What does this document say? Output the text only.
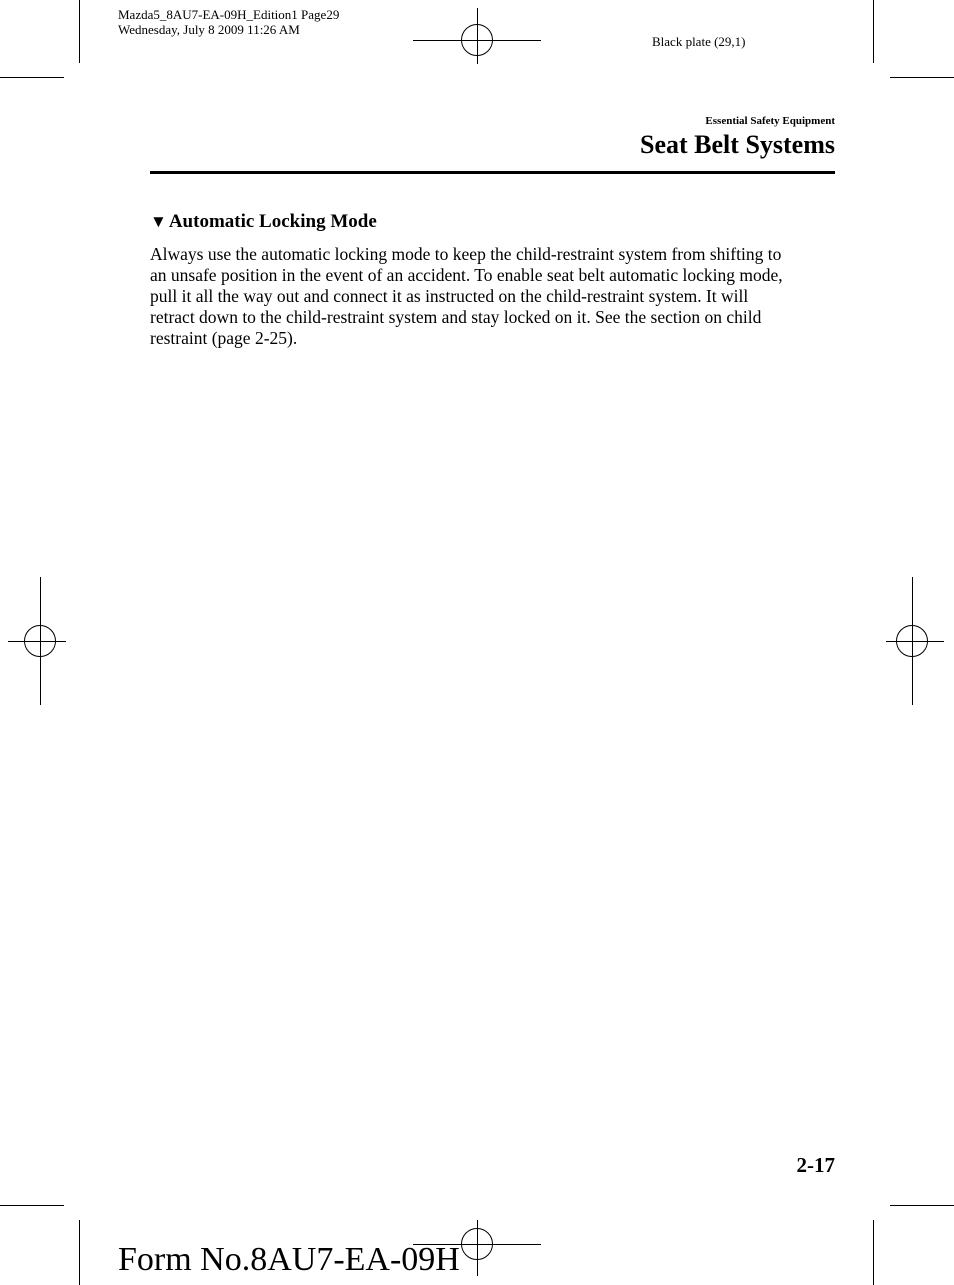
Mazda5_8AU7-EA-09H_Edition1 Page29
Wednesday, July 8 2009 11:26 AM
Black plate (29,1)
Essential Safety Equipment
Seat Belt Systems
▼ Automatic Locking Mode
Always use the automatic locking mode to keep the child-restraint system from shifting to
an unsafe position in the event of an accident. To enable seat belt automatic locking mode,
pull it all the way out and connect it as instructed on the child-restraint system. It will
retract down to the child-restraint system and stay locked on it. See the section on child
restraint (page 2-25).
2-17
Form No.8AU7-EA-09H
